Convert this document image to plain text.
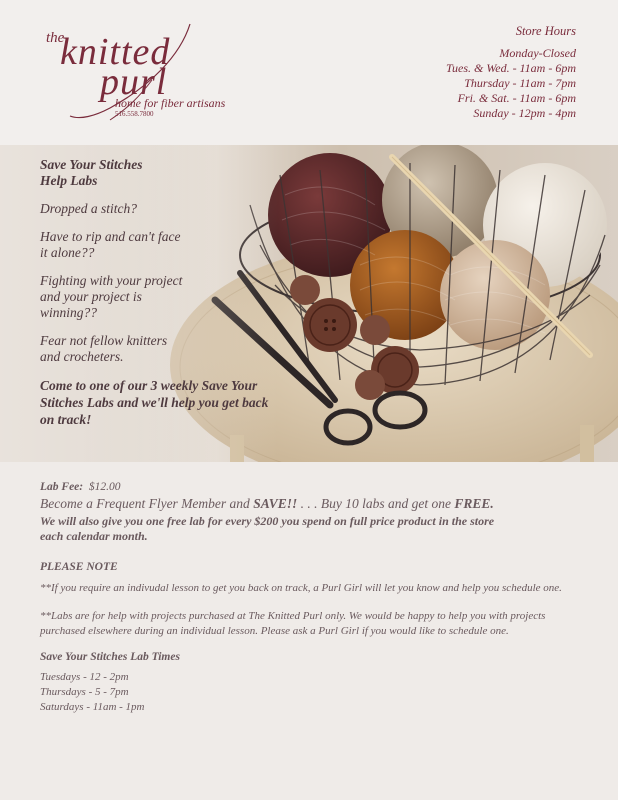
the
knitted
purl
home for fiber artisans
516.558.7800
Store Hours
Monday-Closed
Tues. & Wed. - 11am - 6pm
Thursday - 11am - 7pm
Fri. & Sat. - 11am - 6pm
Sunday - 12pm - 4pm
Save Your Stitches
Help Labs

Dropped a stitch?

Have to rip and can't face it alone??

Fighting with your project and your project is winning??

Fear not fellow knitters and crocheters.

Come to one of our 3 weekly Save Your Stitches Labs and we'll help you get back on track!
Lab Fee: $12.00
Become a Frequent Flyer Member and SAVE!! . . . Buy 10 labs and get one FREE.
We will also give you one free lab for every $200 you spend on full price product in the store each calendar month.
PLEASE NOTE
**If you require an indivudal lesson to get you back on track, a Purl Girl will let you know and help you schedule one.
**Labs are for help with projects purchased at The Knitted Purl only. We would be happy to help you with projects purchased elsewhere during an individual lesson. Please ask a Purl Girl if you would like to schedule one.
Save Your Stitches Lab Times
Tuesdays - 12 - 2pm
Thursdays - 5 - 7pm
Saturdays - 11am - 1pm
